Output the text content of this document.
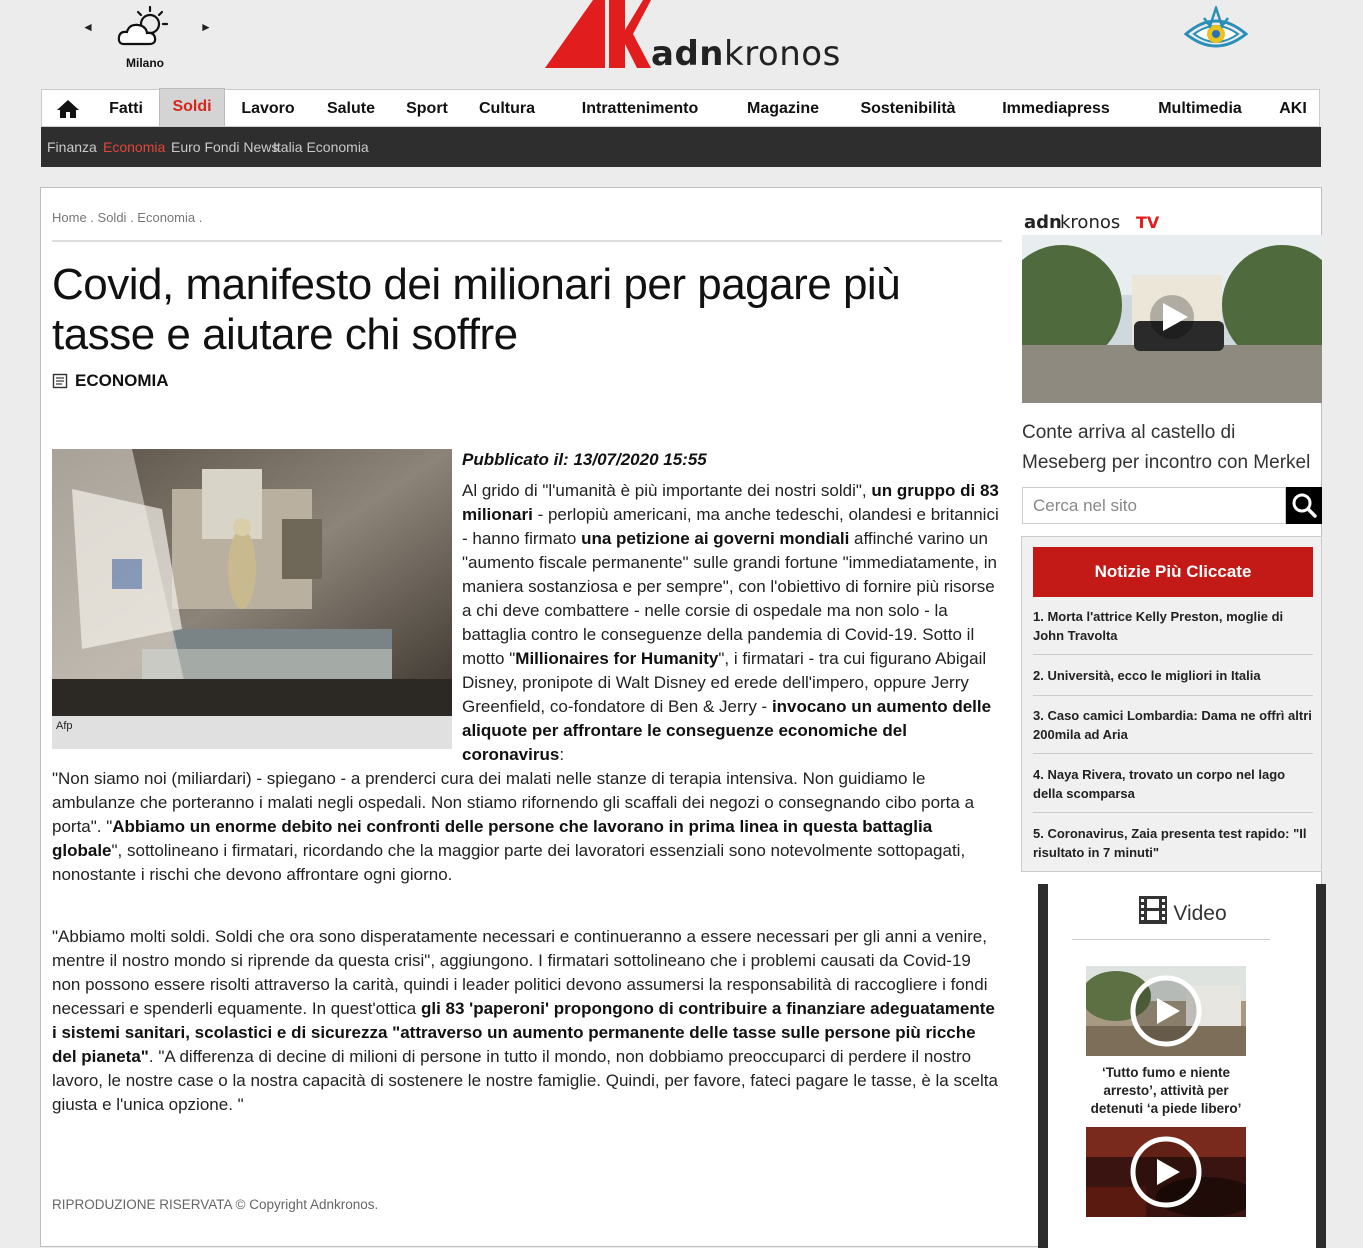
◄	►
Milano	adnkronos
Fatti	Soldi	Lavoro	Salute	Sport	Cultura	Intrattenimento	Magazine	Sostenibilità	Immediapress	Multimedia AKI
Finanza Economia Euro Fondi News
Italia Economia
Home . Soldi . Economia .
Covid, manifesto dei milionari per pagare più tasse e aiutare chi soffre
ECONOMIA
Afp
Pubblicato il: 13/07/2020 15:55
Al grido di "l'umanità è più importante dei nostri soldi", un gruppo di 83 milionari - perlopiù americani, ma anche tedeschi, olandesi e britannici - hanno firmato una petizione ai governi mondiali affinché varino un "aumento fiscale permanente" sulle grandi fortune "immediatamente, in maniera sostanziosa e per sempre", con l'obiettivo di fornire più risorse a chi deve combattere - nelle corsie di ospedale ma non solo - la battaglia contro le conseguenze della pandemia di Covid-19. Sotto il motto "Millionaires for Humanity", i firmatari - tra cui figurano Abigail Disney, pronipote di Walt Disney ed erede dell'impero, oppure Jerry Greenfield, co-fondatore di Ben & Jerry - invocano un aumento delle aliquote per affrontare le conseguenze economiche del coronavirus:
"Non siamo noi (miliardari) - spiegano - a prenderci cura dei malati nelle stanze di terapia intensiva. Non guidiamo le ambulanze che porteranno i malati negli ospedali. Non stiamo rifornendo gli scaffali dei negozi o consegnando cibo porta a porta". "Abbiamo un enorme debito nei confronti delle persone che lavorano in prima linea in questa battaglia globale", sottolineano i firmatari, ricordando che la maggior parte dei lavoratori essenziali sono notevolmente sottopagati, nonostante i rischi che devono affrontare ogni giorno.
"Abbiamo molti soldi. Soldi che ora sono disperatamente necessari e continueranno a essere necessari per gli anni a venire, mentre il nostro mondo si riprende da questa crisi", aggiungono. I firmatari sottolineano che i problemi causati da Covid-19 non possono essere risolti attraverso la carità, quindi i leader politici devono assumersi la responsabilità di raccogliere i fondi necessari e spenderli equamente. In quest'ottica gli 83 'paperoni' propongono di contribuire a finanziare adeguatamente i sistemi sanitari, scolastici e di sicurezza "attraverso un aumento permanente delle tasse sulle persone più ricche del pianeta". "A differenza di decine di milioni di persone in tutto il mondo, non dobbiamo preoccuparci di perdere il nostro lavoro, le nostre case o la nostra capacità di sostenere le nostre famiglie. Quindi, per favore, fateci pagare le tasse, è la scelta giusta e l'unica opzione. "
RIPRODUZIONE RISERVATA © Copyright Adnkronos.
adn
kronos TV
Conte arriva al castello di Meseberg per incontro con Merkel
Cerca nel sito
Notizie Più Cliccate
1. Morta l'attrice Kelly Preston, moglie di John Travolta
2. Università, ecco le migliori in Italia
3. Caso camici Lombardia: Dama ne offrì altri 200mila ad Aria
4. Naya Rivera, trovato un corpo nel lago della scomparsa
5. Coronavirus, Zaia presenta test rapido: "Il risultato in 7 minuti"
Video
‘Tutto fumo e niente arresto’, attività per detenuti ‘a piede libero’
